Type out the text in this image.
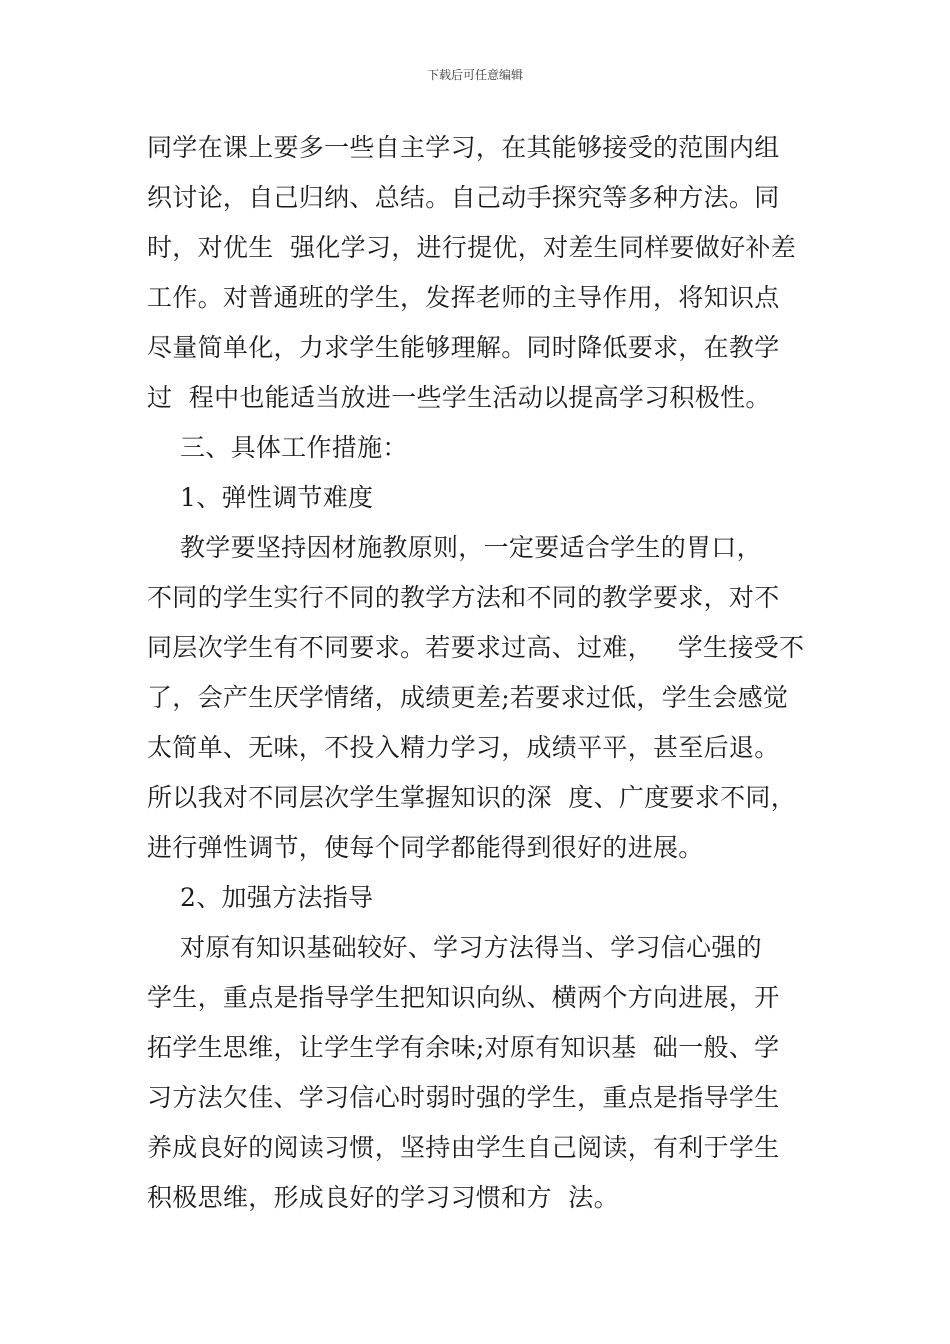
下载后可任意编辑

同学在课上要多一些自主学习，在其能够接受的范围内组

织讨论，自己归纳、总结。自己动手探究等多种方法。同

时，对优生  强化学习，进行提优，对差生同样要做好补差

工作。对普通班的学生，发挥老师的主导作用，将知识点

尽量简单化，力求学生能够理解。同时降低要求，在教学

过  程中也能适当放进一些学生活动以提高学习积极性。

三、具体工作措施：

1、弹性调节难度

教学要坚持因材施教原则，一定要适合学生的胃口，

不同的学生实行不同的教学方法和不同的教学要求，对不

同层次学生有不同要求。若要求过高、过难，   学生接受不

了，会产生厌学情绪，成绩更差;若要求过低，学生会感觉

太简单、无味，不投入精力学习，成绩平平，甚至后退。

所以我对不同层次学生掌握知识的深  度、广度要求不同，

进行弹性调节，使每个同学都能得到很好的进展。

2、加强方法指导

对原有知识基础较好、学习方法得当、学习信心强的

学生，重点是指导学生把知识向纵、横两个方向进展，开

拓学生思维，让学生学有余味;对原有知识基  础一般、学

习方法欠佳、学习信心时弱时强的学生，重点是指导学生

养成良好的阅读习惯，坚持由学生自己阅读，有利于学生

积极思维，形成良好的学习习惯和方  法。
